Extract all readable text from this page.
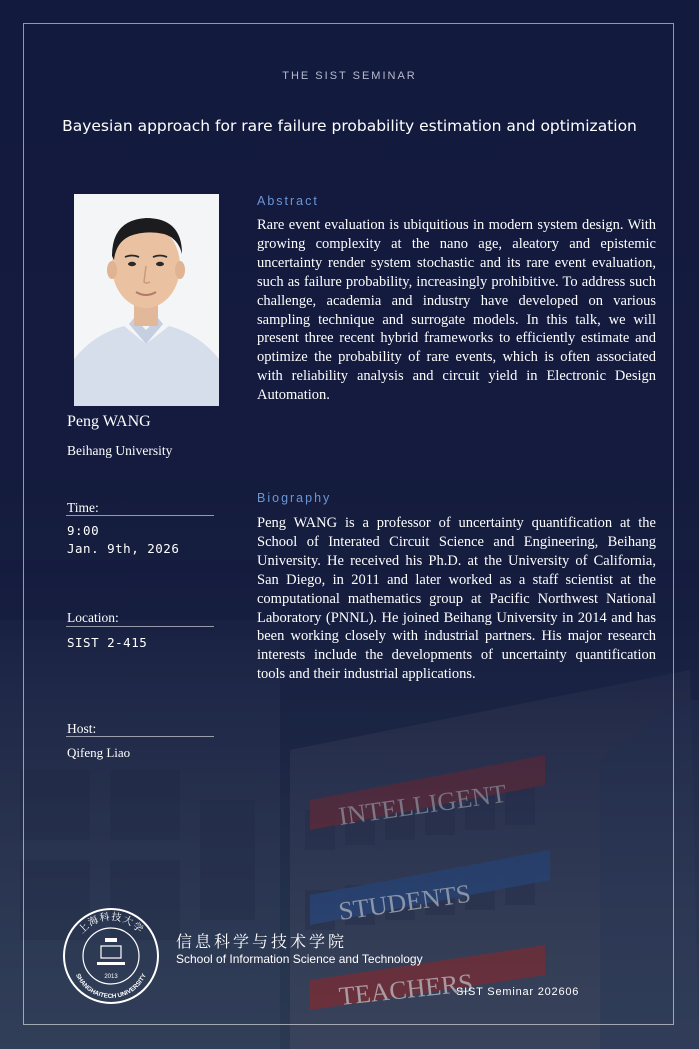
THE SIST SEMINAR
Bayesian approach for rare failure probability estimation and optimization
Peng WANG
Beihang University
Time:
9:00
Jan. 9th, 2026
Location:
SIST 2-415
Host:
Qifeng Liao
Abstract

Rare event evaluation is ubiquitious in modern system design. With growing complexity at the nano age, aleatory and epistemic uncertainty render system stochastic and its rare event evaluation, such as failure probability, increasingly prohibitive. To address such challenge, academia and industry have developed on various sampling technique and surrogate models. In this talk, we will present three recent hybrid frameworks to efficiently estimate and optimize the probability of rare events, which is often associated with reliability analysis and circuit yield in Electronic Design Automation.

Biography

Peng WANG is a professor of uncertainty quantification at the School of Interated Circuit Science and Engineering, Beihang University. He received his Ph.D. at the University of California, San Diego, in 2011 and later worked as a staff scientist at the computational mathematics group at Pacific Northwest National Laboratory (PNNL). He joined Beihang University in 2014 and has been working closely with industrial partners. His major research interests include the developments of uncertainty quantification tools and their industrial applications.

上海科技大学
SHANGHAITECH UNIVERSITY
2013
信息科学与技术学院
School of Information Science and Technology
SIST Seminar 202606
